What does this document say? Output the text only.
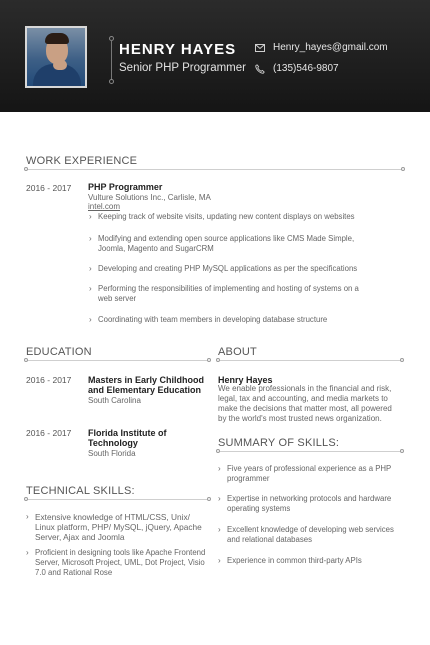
HENRY HAYES
Senior PHP Programmer
Henry_hayes@gmail.com
(135)546-9807
WORK EXPERIENCE
2016 - 2017 PHP Programmer
Vulture Solutions Inc., Carlisle, MA
intel.com
› Keeping track of website visits, updating new content displays on websites
› Modifying and extending open source applications like CMS Made Simple,
Joomla, Magento and SugarCRM
› Developing and creating PHP MySQL applications as per the specifications
› Performing the responsibilities of implementing and hosting of systems on a
web server
› Coordinating with team members in developing database structure
EDUCATION
2016 - 2017 Masters in Early Childhood
and Elementary Education
South Carolina
2016 - 2017 Florida Institute of
Technology
South Florida
ABOUT
Henry Hayes
We enable professionals in the financial and risk,
legal, tax and accounting, and media markets to
make the decisions that matter most, all powered
by the world's most trusted news organization.
SUMMARY OF SKILLS:
› Five years of professional experience as a PHP
programmer
› Expertise in networking protocols and hardware
operating systems
› Excellent knowledge of developing web services
and relational databases
› Experience in common third-party APIs
TECHNICAL SKILLS:
› Extensive knowledge of HTML/CSS, Unix/
Linux platform, PHP/ MySQL, jQuery, Apache
Server, Ajax and Joomla
› Proficient in designing tools like Apache Frontend
Server, Microsoft Project, UML, Dot Project, Visio
7.0 and Rational Rose
